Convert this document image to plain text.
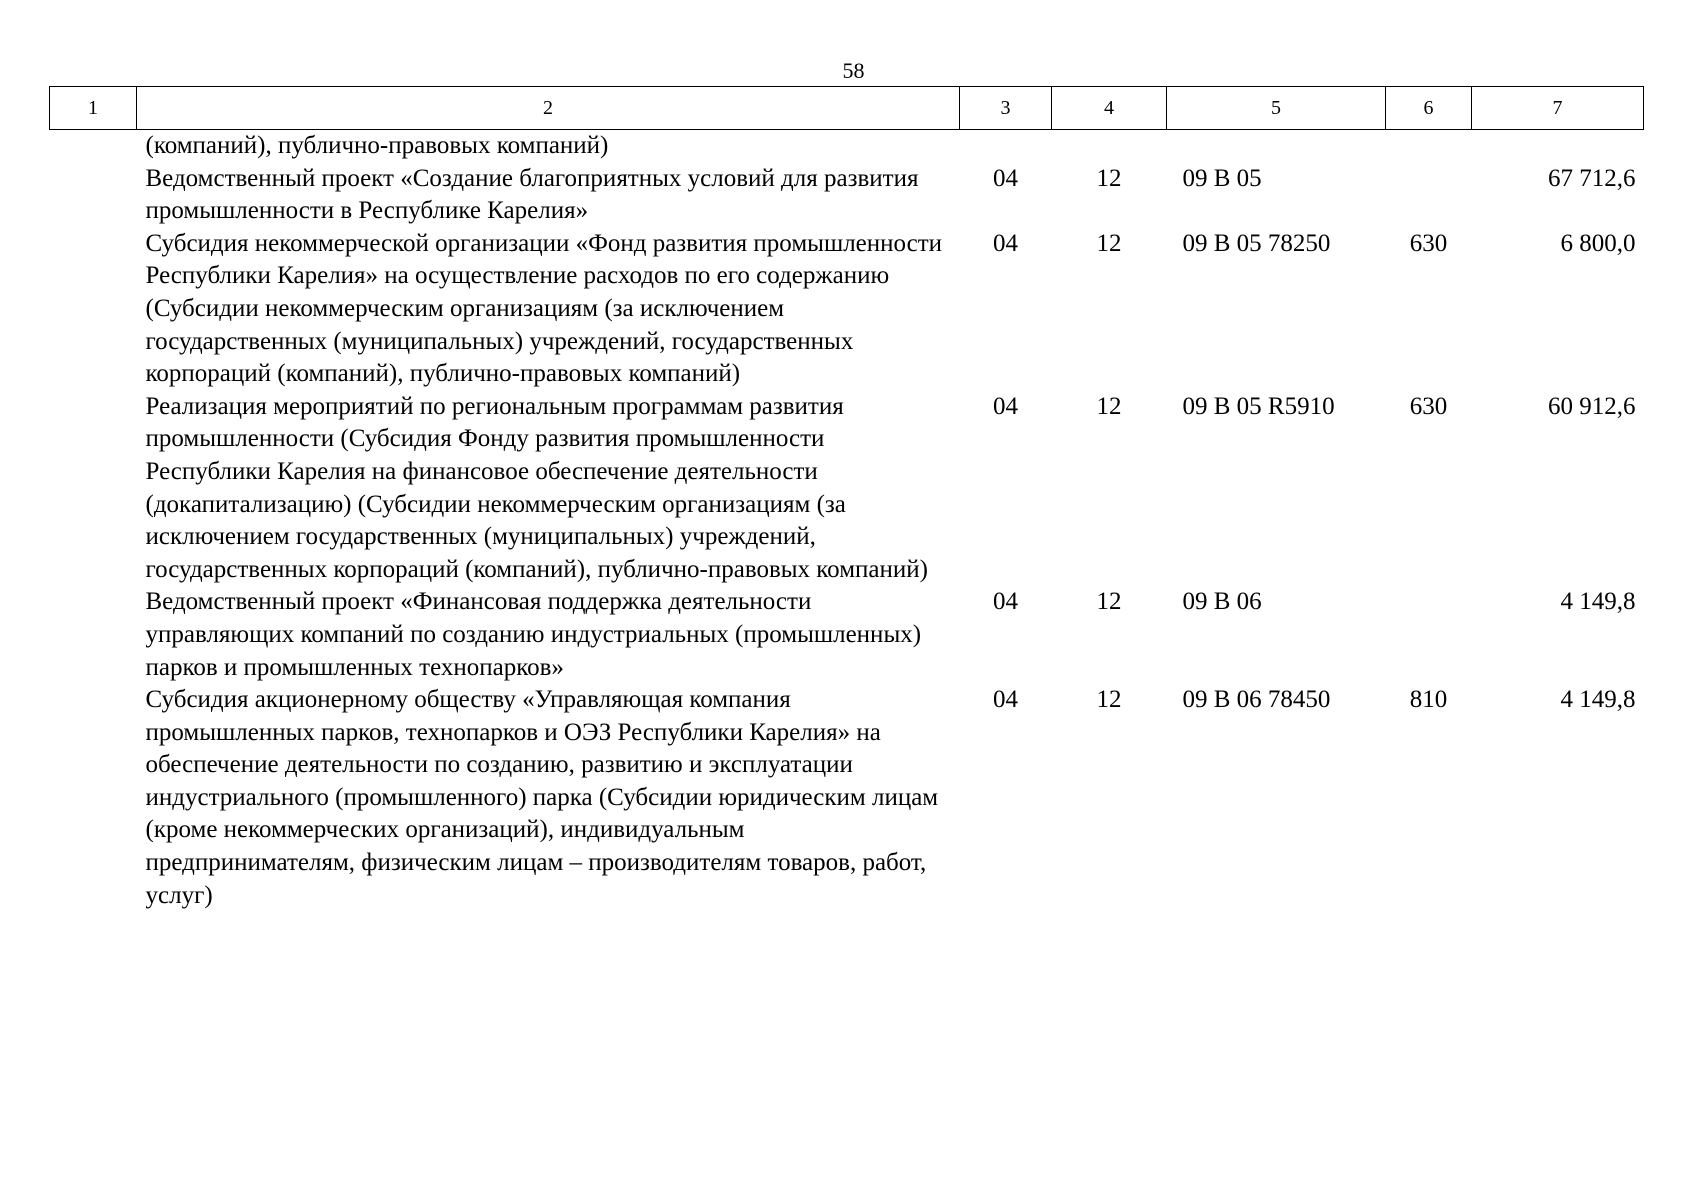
58
1	2	3	4	5	6	7
	(компаний), публично-правовых компаний)					
	Ведомственный проект «Создание благоприятных условий для развития промышленности в Республике Карелия»	04	12	09 В 05		67 712,6
	Субсидия некоммерческой организации «Фонд развития промышленности Республики Карелия» на осуществление расходов по его содержанию (Субсидии некоммерческим организациям (за исключением государственных (муниципальных) учреждений, государственных корпораций (компаний), публично-правовых компаний)	04	12	09 В 05 78250	630	6 800,0
	Реализация мероприятий по региональным программам развития промышленности (Субсидия Фонду развития промышленности Республики Карелия на финансовое обеспечение деятельности (докапитализацию) (Субсидии некоммерческим организациям (за исключением государственных (муниципальных) учреждений, государственных корпораций (компаний), публично-правовых компаний)	04	12	09 В 05 R5910	630	60 912,6
	Ведомственный проект «Финансовая поддержка деятельности управляющих компаний по созданию индустриальных (промышленных) парков и промышленных технопарков»	04	12	09 В 06		4 149,8
	Субсидия акционерному обществу «Управляющая компания промышленных парков, технопарков и ОЭЗ Республики Карелия» на обеспечение деятельности по созданию, развитию и эксплуатации индустриального (промышленного) парка (Субсидии юридическим лицам (кроме некоммерческих организаций), индивидуальным предпринимателям, физическим лицам – производителям товаров, работ, услуг)	04	12	09 В 06 78450	810	4 149,8
